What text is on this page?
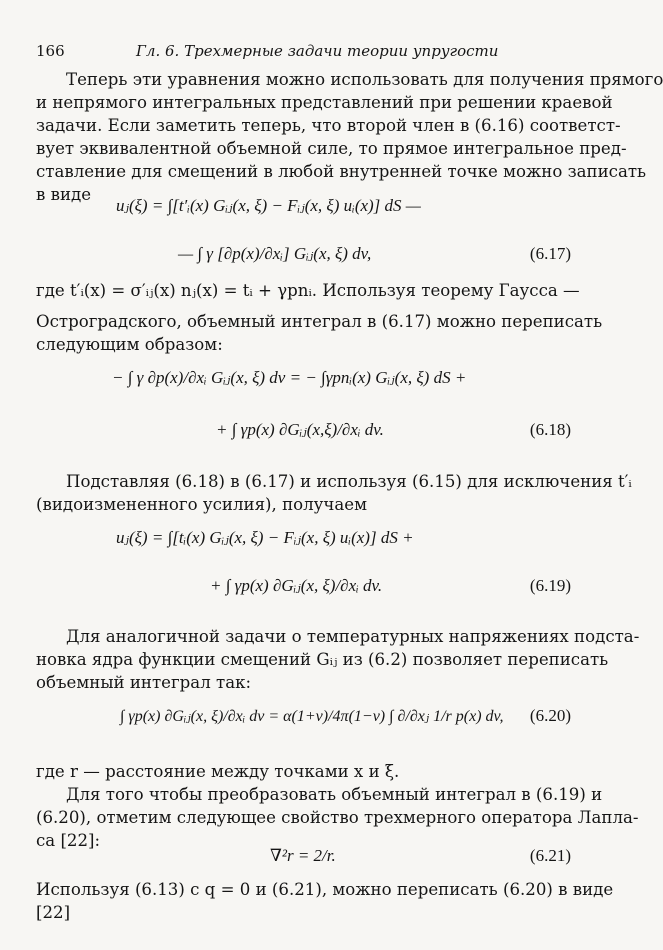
166	Гл. 6. Трехмерные задачи теории упругости
Теперь эти уравнения можно использовать для получения прямого
и непрямого интегральных представлений при решении краевой
задачи. Если заметить теперь, что второй член в (6.16) соответст-
вует эквивалентной объемной силе, то прямое интегральное пред-
ставление для смещений в любой внутренней точке можно записать
в виде
uⱼ(ξ) = ∫[t′ᵢ(x) Gᵢⱼ(x, ξ) − Fᵢⱼ(x, ξ) uᵢ(x)] dS —
— ∫ γ [∂p(x)/∂xᵢ] Gᵢⱼ(x, ξ) dv,	(6.17)
где t′ᵢ(x) = σ′ᵢⱼ(x) nⱼ(x) = tᵢ + γpnᵢ. Используя теорему Гаусса —
Остроградского, объемный интеграл в (6.17) можно переписать
следующим образом:
− ∫ γ ∂p(x)/∂xᵢ Gᵢⱼ(x, ξ) dv = − ∫γpnᵢ(x) Gᵢⱼ(x, ξ) dS +
+ ∫ γp(x) ∂Gᵢⱼ(x,ξ)/∂xᵢ dv.	(6.18)
Подставляя (6.18) в (6.17) и используя (6.15) для исключения t′ᵢ
(видоизмененного усилия), получаем
uⱼ(ξ) = ∫[tᵢ(x) Gᵢⱼ(x, ξ) − Fᵢⱼ(x, ξ) uᵢ(x)] dS +
+ ∫ γp(x) ∂Gᵢⱼ(x, ξ)/∂xᵢ dv.	(6.19)
Для аналогичной задачи о температурных напряжениях подста-
новка ядра функции смещений Gᵢⱼ из (6.2) позволяет переписать
объемный интеграл так:
∫ γp(x) ∂Gᵢⱼ(x, ξ)/∂xᵢ dv = α(1+ν)/4π(1−ν) ∫ ∂/∂xⱼ 1/r p(x) dv, (6.20)
где r — расстояние между точками x и ξ.
Для того чтобы преобразовать объемный интеграл в (6.19) и
(6.20), отметим следующее свойство трехмерного оператора Лапла-
са [22]:
∇²r = 2/r.	(6.21)
Используя (6.13) с q = 0 и (6.21), можно переписать (6.20) в виде
[22]
